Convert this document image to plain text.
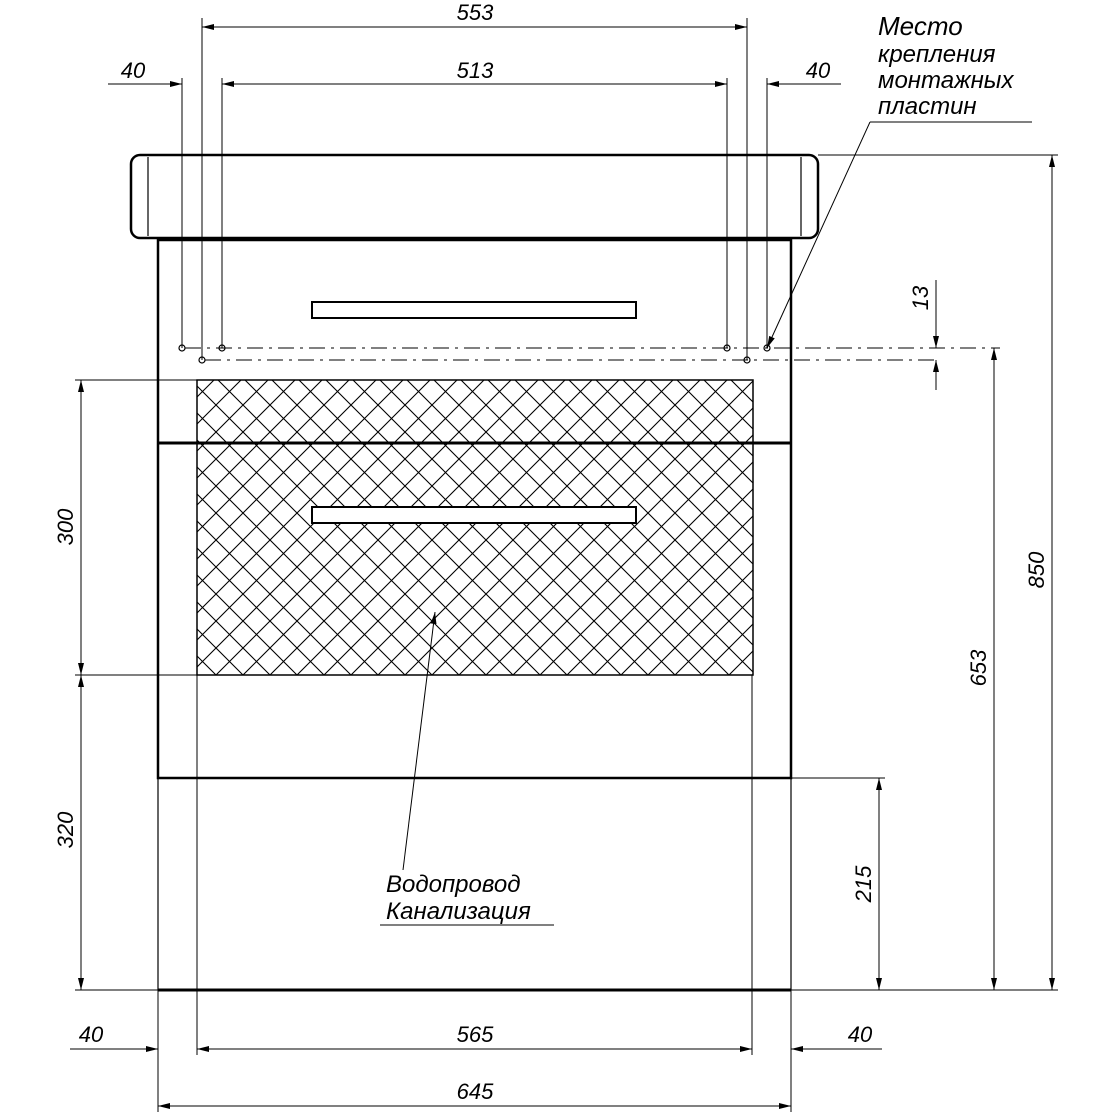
553
513
40	40
Место
крепления
монтажных
пластин
850
653
13
215
300
320
Водопровод
Канализация
565
40	40
645
